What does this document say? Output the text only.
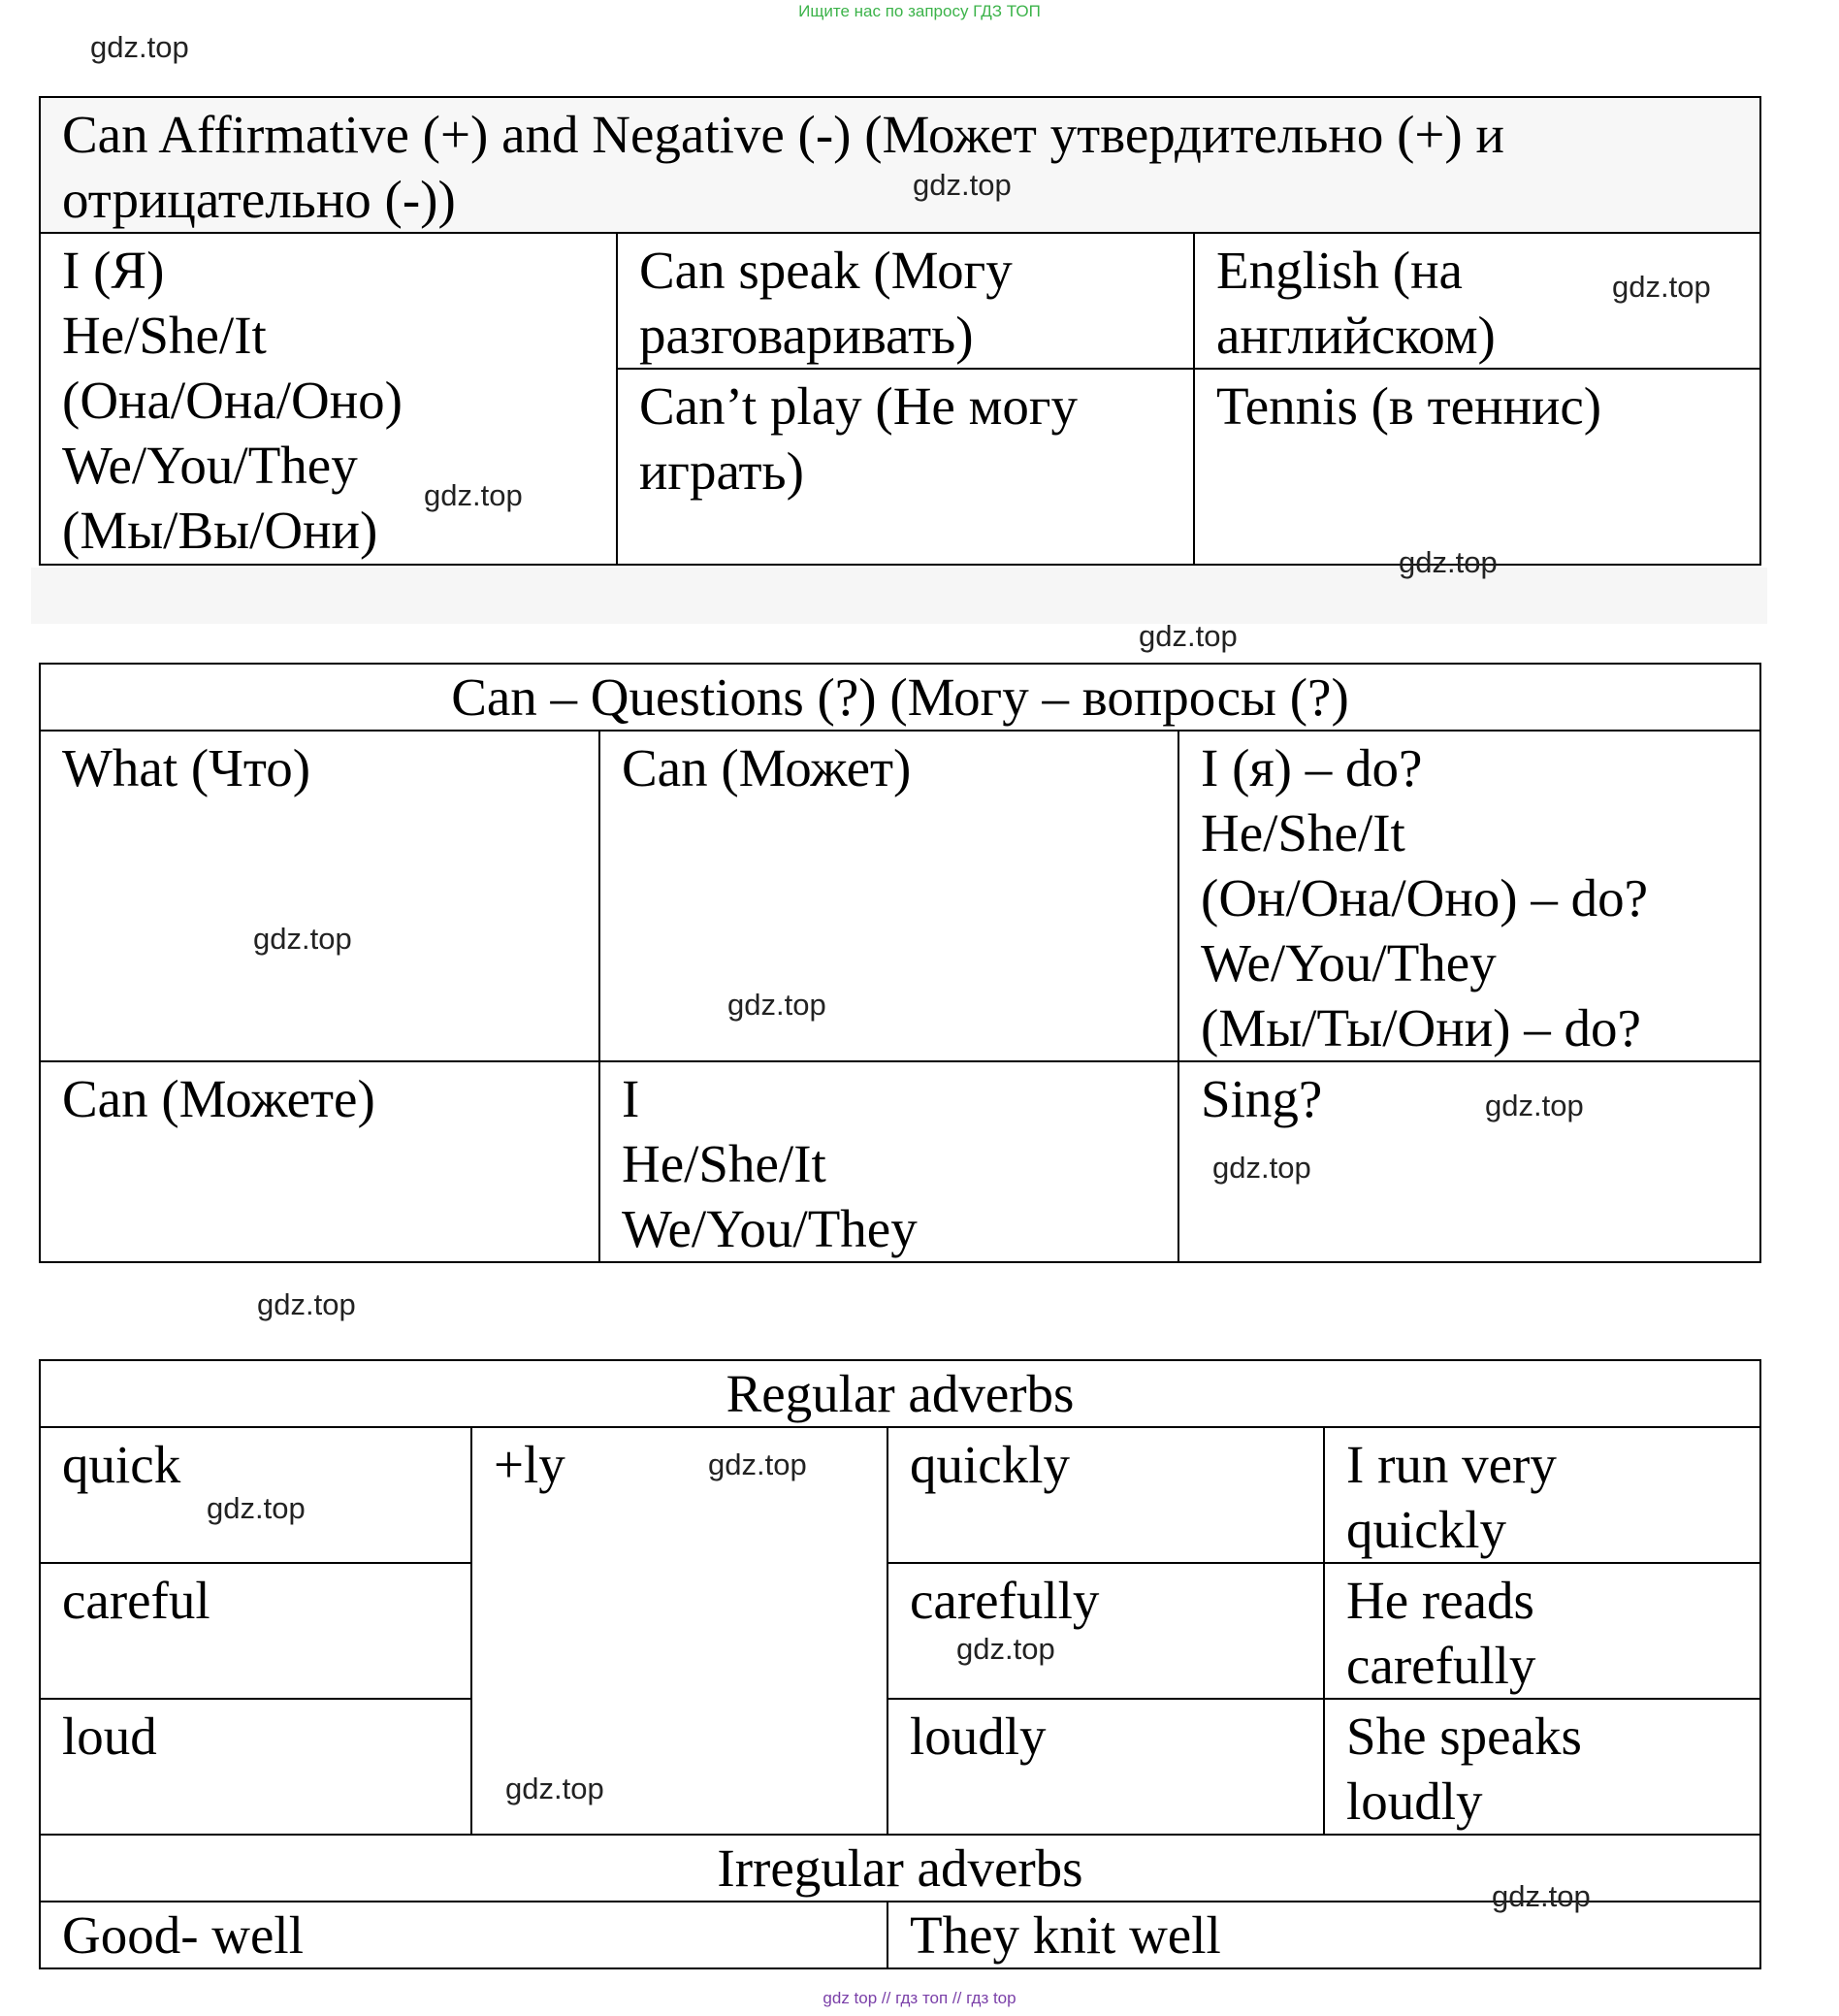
Ищите нас по запросу ГДЗ ТОП
Can Affirmative (+) and Negative (-) (Может утвердительно (+) и отрицательно (-))		

I (Я)
He/She/It
(Она/Она/Оно)
We/You/They
(Мы/Вы/Они)	Can speak (Могу
разговаривать)	English (на
английском)

	Can’t play (Не могу
играть)	Tennis (в теннис)
Can – Questions (?) (Могу – вопросы (?)		
What (Что)	Can (Может)	I (я) – do?
He/She/It
(Он/Она/Оно) – do?
We/You/They
(Мы/Ты/Они) – do?

Can (Можете)	I
He/She/It
We/You/They	Sing?
Regular adverbs			
quick	+ly	quickly	I run very
quickly

careful		carefully	He reads
carefully

loud		loudly	She speaks
loudly

Irregular adverbs			
Good- well		They knit well	
gdz.top
gdz.top
gdz.top
gdz.top
gdz.top
gdz.top
gdz.top
gdz.top
gdz.top
gdz.top
gdz.top
gdz.top
gdz.top
gdz.top
gdz.top
gdz.top
gdz top // гдз топ // гдз top
